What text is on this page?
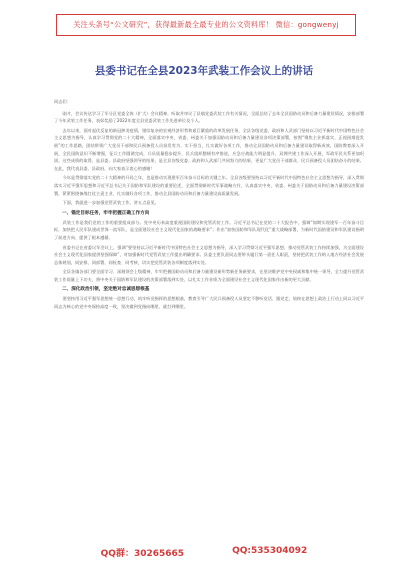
关注头条号“公文研究”，获得最新最全最专业的公文资料库！ 微信：gongwenyj
县委书记在全县2023年武装工作会议上的讲话

同志们：

刚才，会议传达学习了军分区党委全体（扩大）会议精神，听取并审议了县镇党委武装工作有关情况，全面总结了去年全县国防动员和后备力量建设情况，安排部署了今年武装工作任务，表彰奖励了2022年度全县党委武装工作先进单位及个人。

去年以来，面对起伏反复的新冠肿炎疫情，错综复杂的宏观经济形势和艰巨繁重的改革发展任务，全县各级党委、政府和人武部门坚持以习近平新时代中国特色社会主义思想为指导，认真学习贯彻党的二十大精神，全面落实中央、省委、州委关于加强国防动员和后备力量建设各项决策部署，按照“聚焦主业抓落实、正视困难促发展”的工作思路，团结带领广大党员干部和民兵预备役人员奋发有为、实干担当，扎实做好各项工作，推动全县国防动员和后备力量建设取得新成效。国防教育深入开展，全民国防意识不断增强，征兵工作圆满完成，兵员质量稳步提升，民兵组织整顿有序推进，应急应战能力明显提升，双拥共建工作深入开展，军政军民关系更加巩固。这些成绩的取得，是县委、县政府坚强领导的结果，是全县各级党委、政府和人武部门共同努力的结果，更是广大党员干部群众、民兵预备役人员团结奋斗的结果。在此，我代表县委、县政府，向大家表示衷心的感谢！

今年是贯彻落实党的二十大精神的开局之年，也是推动实现建军百年奋斗目标的关键之年。全县各级要坚持以习近平新时代中国特色社会主义思想为指导，深入贯彻落实习近平强军思想和习近平总书记关于国防和军队建设的重要论述，全面贯彻新时代军事战略方针，认真落实中央、省委、州委关于国防动员和后备力量建设决策部署，紧紧围绕备战打仗主责主业，扎实做好各项工作，推动全县国防动员和后备力量建设高质量发展。

下面，我就进一步加强党管武装工作，讲五点意见。

一、锚定目标任务，牢牢把握正确工作方向

武装工作是我们党的工作的重要组成部分。党中央历来高度重视国防建设和党管武装工作。习近平总书记在党的二十大报告中，强调“如期实现建军一百年奋斗目标，加快把人民军队建成世界一流军队，是全面建设社会主义现代化国家的战略要求”；作出“加快国防和军队现代化”重大战略部署，为新时代国防建设和军队建设指明了前进方向、提供了根本遵循。

省委书记在省委议军会议上，强调“要坚持以习近平新时代中国特色社会主义思想为指导，深入学习贯彻习近平强军思想，推动党管武装工作持续加强，为全面建设社会主义现代化国家提供坚强保障”，对加强新时代党管武装工作提出明确要求。县委主要负责同志要带头履行第一责任人职责，坚持把武装工作纳入地方经济社会发展总体规划，同安排、同部署、同检查、同考核，切实把党管武装各项制度落到实处。

全县各镇各部门要全面学习、深刻领会上级精神，牢牢把握国防动员和后备力量建设新形势新任务新要求，在坚决维护党中央权威和集中统一领导，全力提升党管武装工作质量上下功夫，将中央关于国防和军队建设的决策部署落到实处，以扎实工作业绩为全面建设社会主义现代化国家作出新的更大贡献。

二、深化政治引领，坚定绝对忠诚思想根基

要坚持用习近平强军思想统一思想行动，筑牢听党指挥的思想根基，教育引导广大民兵预备役人员坚定不移听党话、跟党走，始终在思想上政治上行动上同以习近平同志为核心的党中央保持高度一致，坚决做到党指向哪里、就打到哪里。

QQ群：30265665	QQ:535304092
